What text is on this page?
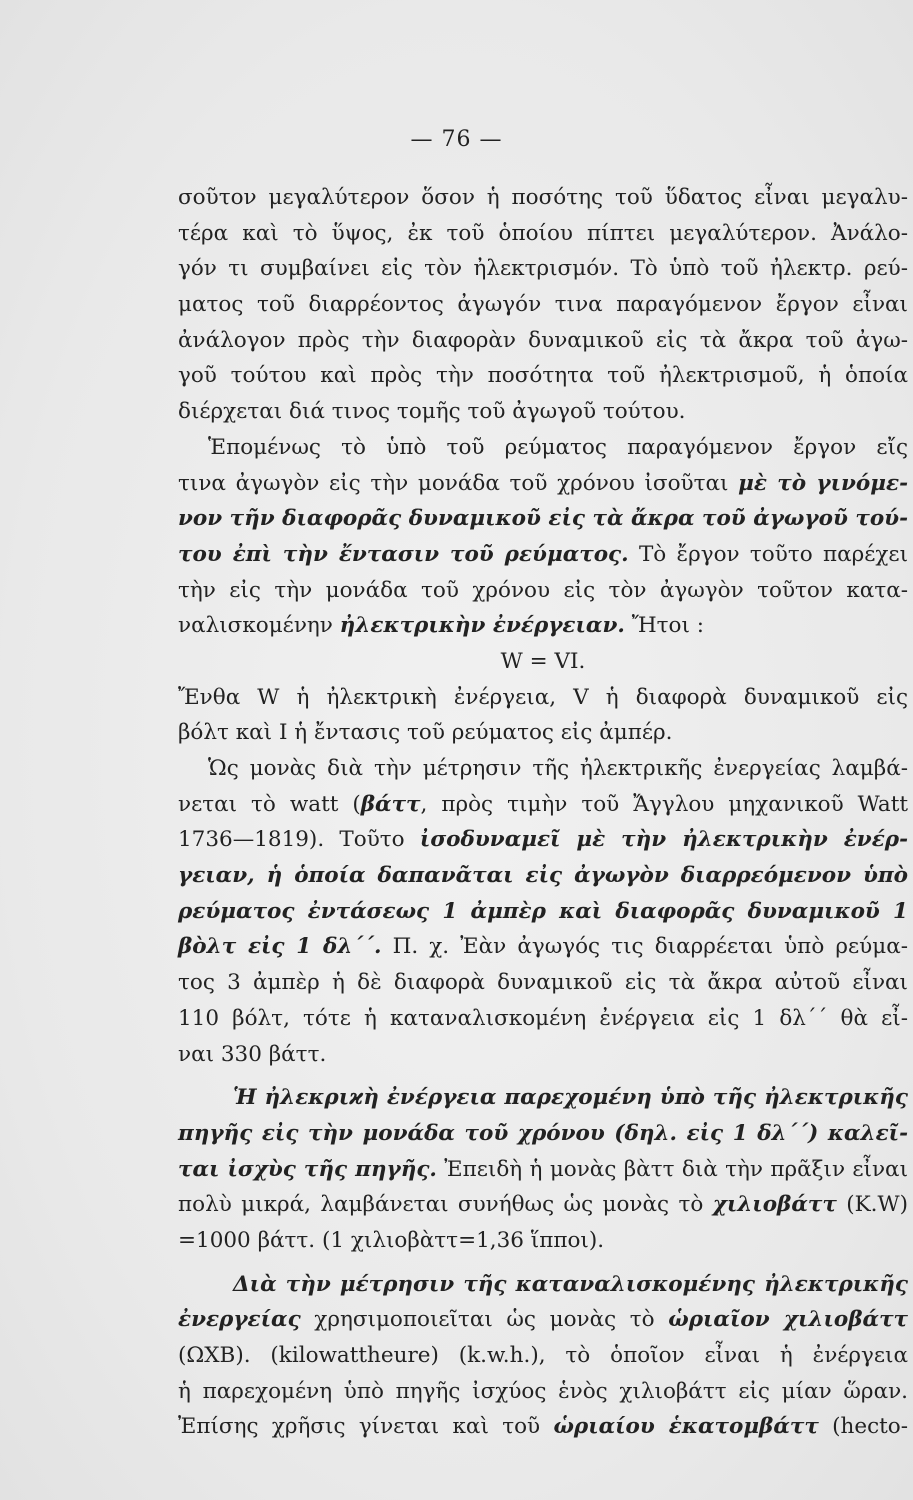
— 76 —
σοῦτον μεγαλύτερον ὅσον ἡ ποσότης τοῦ ὕδατος εἶναι μεγαλυ-
τέρα καὶ τὸ ὕψος, ἐκ τοῦ ὁποίου πίπτει μεγαλύτερον. Ἀνάλο-
γόν τι συμβαίνει εἰς τὸν ἠλεκτρισμόν. Τὸ ὑπὸ τοῦ ἠλεκτρ. ρεύ-
ματος τοῦ διαρρέοντος ἀγωγόν τινα παραγόμενον ἔργον εἶναι
ἀνάλογον πρὸς τὴν διαφορὰν δυναμικοῦ εἰς τὰ ἄκρα τοῦ ἀγω-
γοῦ τούτου καὶ πρὸς τὴν ποσότητα τοῦ ἠλεκτρισμοῦ, ἡ ὁποία
διέρχεται διά τινος τομῆς τοῦ ἀγωγοῦ τούτου.
Ἑπομένως τὸ ὑπὸ τοῦ ρεύματος παραγόμενον ἔργον εἴς
τινα ἀγωγὸν εἰς τὴν μονάδα τοῦ χρόνου ἰσοῦται μὲ τὸ γινόμε-
νον τῆν διαφορᾶς δυναμικοῦ εἰς τὰ ἄκρα τοῦ ἀγωγοῦ τού-
του ἐπὶ τὴν ἔντασιν τοῦ ρεύματος. Τὸ ἔργον τοῦτο παρέχει
τὴν εἰς τὴν μονάδα τοῦ χρόνου εἰς τὸν ἀγωγὸν τοῦτον κατα-
ναλισκομένην ἠλεκτρικὴν ἐνέργειαν. Ἤτοι :
W = VI.
Ἔνθα W ἡ ἠλεκτρικὴ ἐνέργεια, V ἡ διαφορὰ δυναμικοῦ εἰς
βόλτ καὶ I ἡ ἔντασις τοῦ ρεύματος εἰς ἀμπέρ.
Ὡς μονὰς διὰ τὴν μέτρησιν τῆς ἠλεκτρικῆς ἐνεργείας λαμβά-
νεται τὸ watt (βάττ, πρὸς τιμὴν τοῦ Ἄγγλου μηχανικοῦ Watt
1736—1819). Τοῦτο ἰσοδυναμεῖ μὲ τὴν ἠλεκτρικὴν ἐνέρ-
γειαν, ἡ ὁποία δαπανᾶται εἰς ἀγωγὸν διαρρεόμενον ὑπὸ
ρεύματος ἐντάσεως 1 ἀμπὲρ καὶ διαφορᾶς δυναμικοῦ 1
βὸλτ εἰς 1 δλ΄΄. Π. χ. Ἐὰν ἀγωγός τις διαρρέεται ὑπὸ ρεύμα-
τος 3 ἀμπὲρ ἡ δὲ διαφορὰ δυναμικοῦ εἰς τὰ ἄκρα αὐτοῦ εἶναι
110 βόλτ, τότε ἡ καταναλισκομένη ἐνέργεια εἰς 1 δλ΄΄ θὰ εἶ-
ναι 330 βάττ.
Ἡ ἠλεκριϰὴ ἐνέργεια παρεχομένη ὑπὸ τῆς ἠλεκτρικῆς
πηγῆς εἰς τὴν μονάδα τοῦ χρόνου (δηλ. εἰς 1 δλ΄΄) καλεῖ-
ται ἰσχὺς τῆς πηγῆς. Ἐπειδὴ ἡ μονὰς βὰττ διὰ τὴν πρᾶξιν εἶναι
πολὺ μικρά, λαμβάνεται συνήθως ὡς μονὰς τὸ χιλιοβάττ (K.W)
=1000 βάττ. (1 χιλιοβὰττ=1,36 ἵπποι).
Διὰ τὴν μέτρησιν τῆς καταναλισκομένης ἠλεκτρικῆς
ἐνεργείας χρησιμοποιεῖται ὡς μονὰς τὸ ὡριαῖον χιλιοβάττ
(ΩΧΒ). (kilowattheure) (k.w.h.), τὸ ὁποῖον εἶναι ἡ ἐνέργεια
ἡ παρεχομένη ὑπὸ πηγῆς ἰσχύος ἑνὸς χιλιοβάττ εἰς μίαν ὥραν.
Ἐπίσης χρῆσις γίνεται καὶ τοῦ ὡριαίου ἑκατομβάττ (hecto-
